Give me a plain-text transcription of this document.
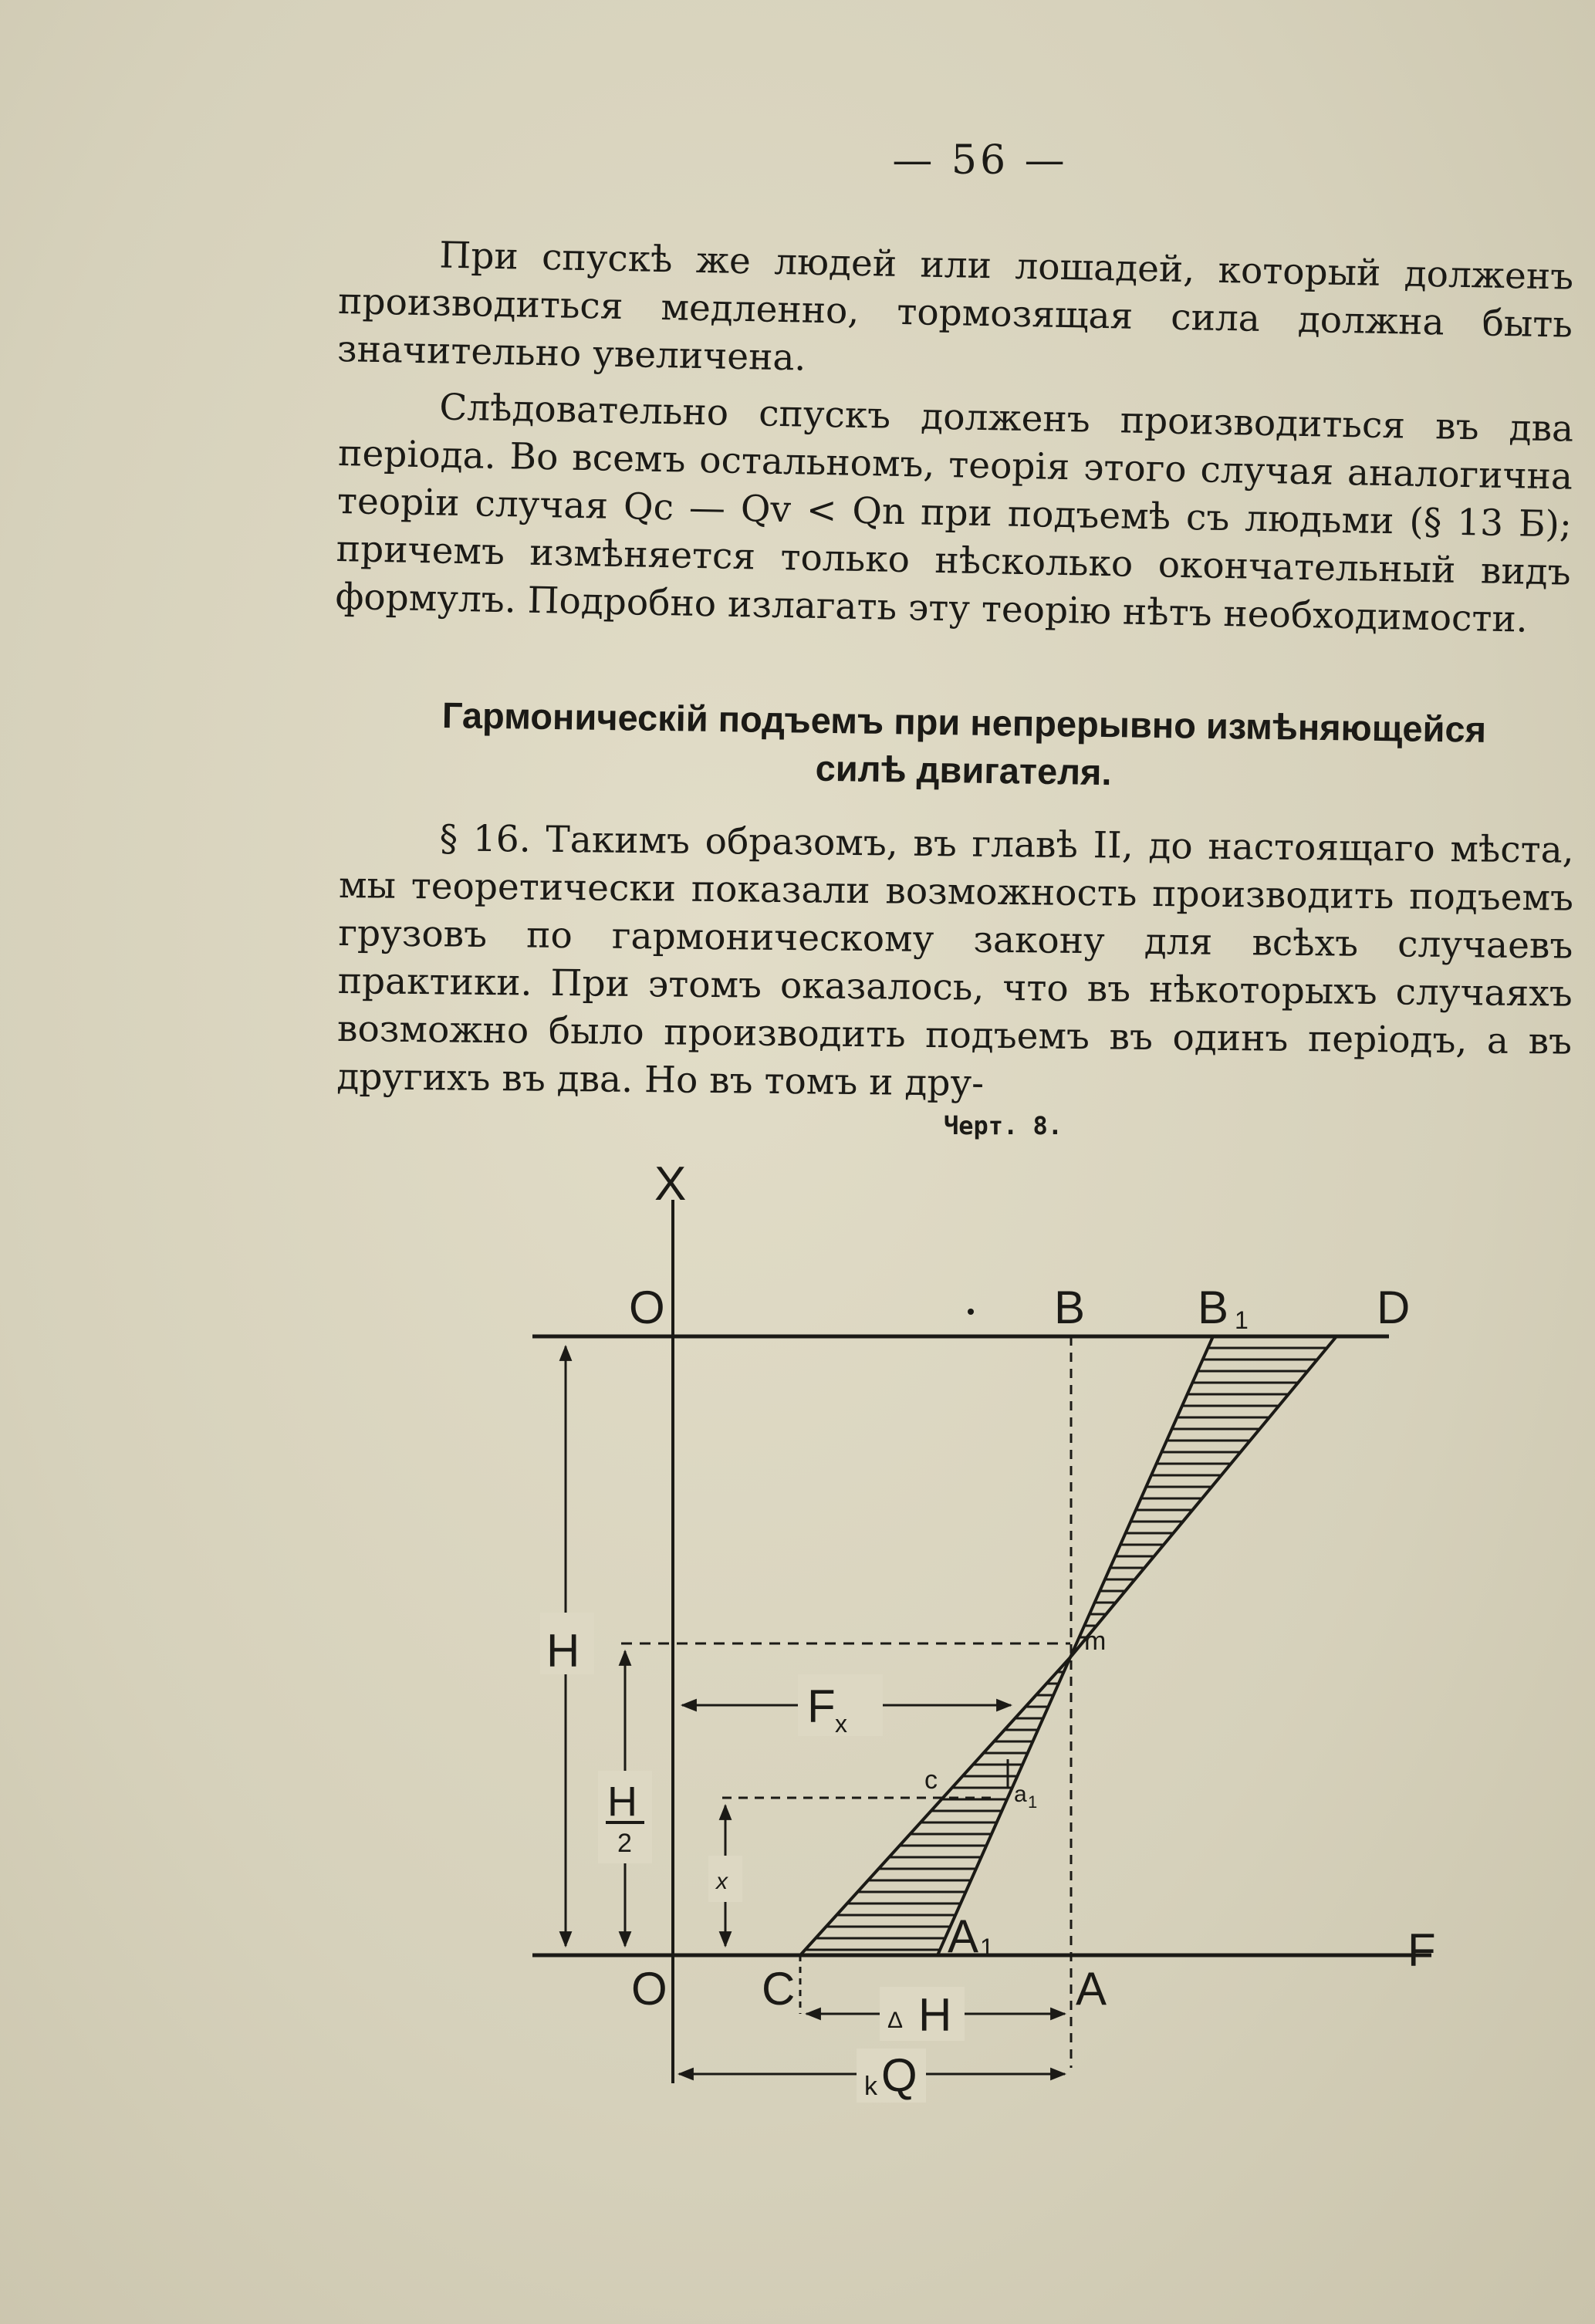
— 56 —

При спускѣ же людей или лошадей, который долженъ производиться медленно, тормозящая сила должна быть значительно увеличена.

Слѣдовательно спускъ долженъ производиться въ два періода. Во всемъ остальномъ, теорія этого случая аналогична теоріи случая Qc — Qv < Qn при подъемѣ съ людьми (§ 13 Б); причемъ измѣняется только нѣсколько окончательный видъ формулъ. Подробно излагать эту теорію нѣтъ необходимости.

Гармоническій подъемъ при непрерывно измѣняющейся
силѣ двигателя.

§ 16. Такимъ образомъ, въ главѣ II, до настоящаго мѣста, мы теоретически показали возможность производить подъемъ грузовъ по гармоническому закону для всѣхъ случаевъ практики. При этомъ оказалось, что въ нѣкоторыхъ случаяхъ возможно было производить подъемъ въ одинъ періодъ, а въ другихъ въ два. Но въ томъ и дру-

Черт. 8.
X
O	B B 1	D
H	m
F x
c	a 1
H
2
x
A 1	F
O C	A
Δ H
k Q
